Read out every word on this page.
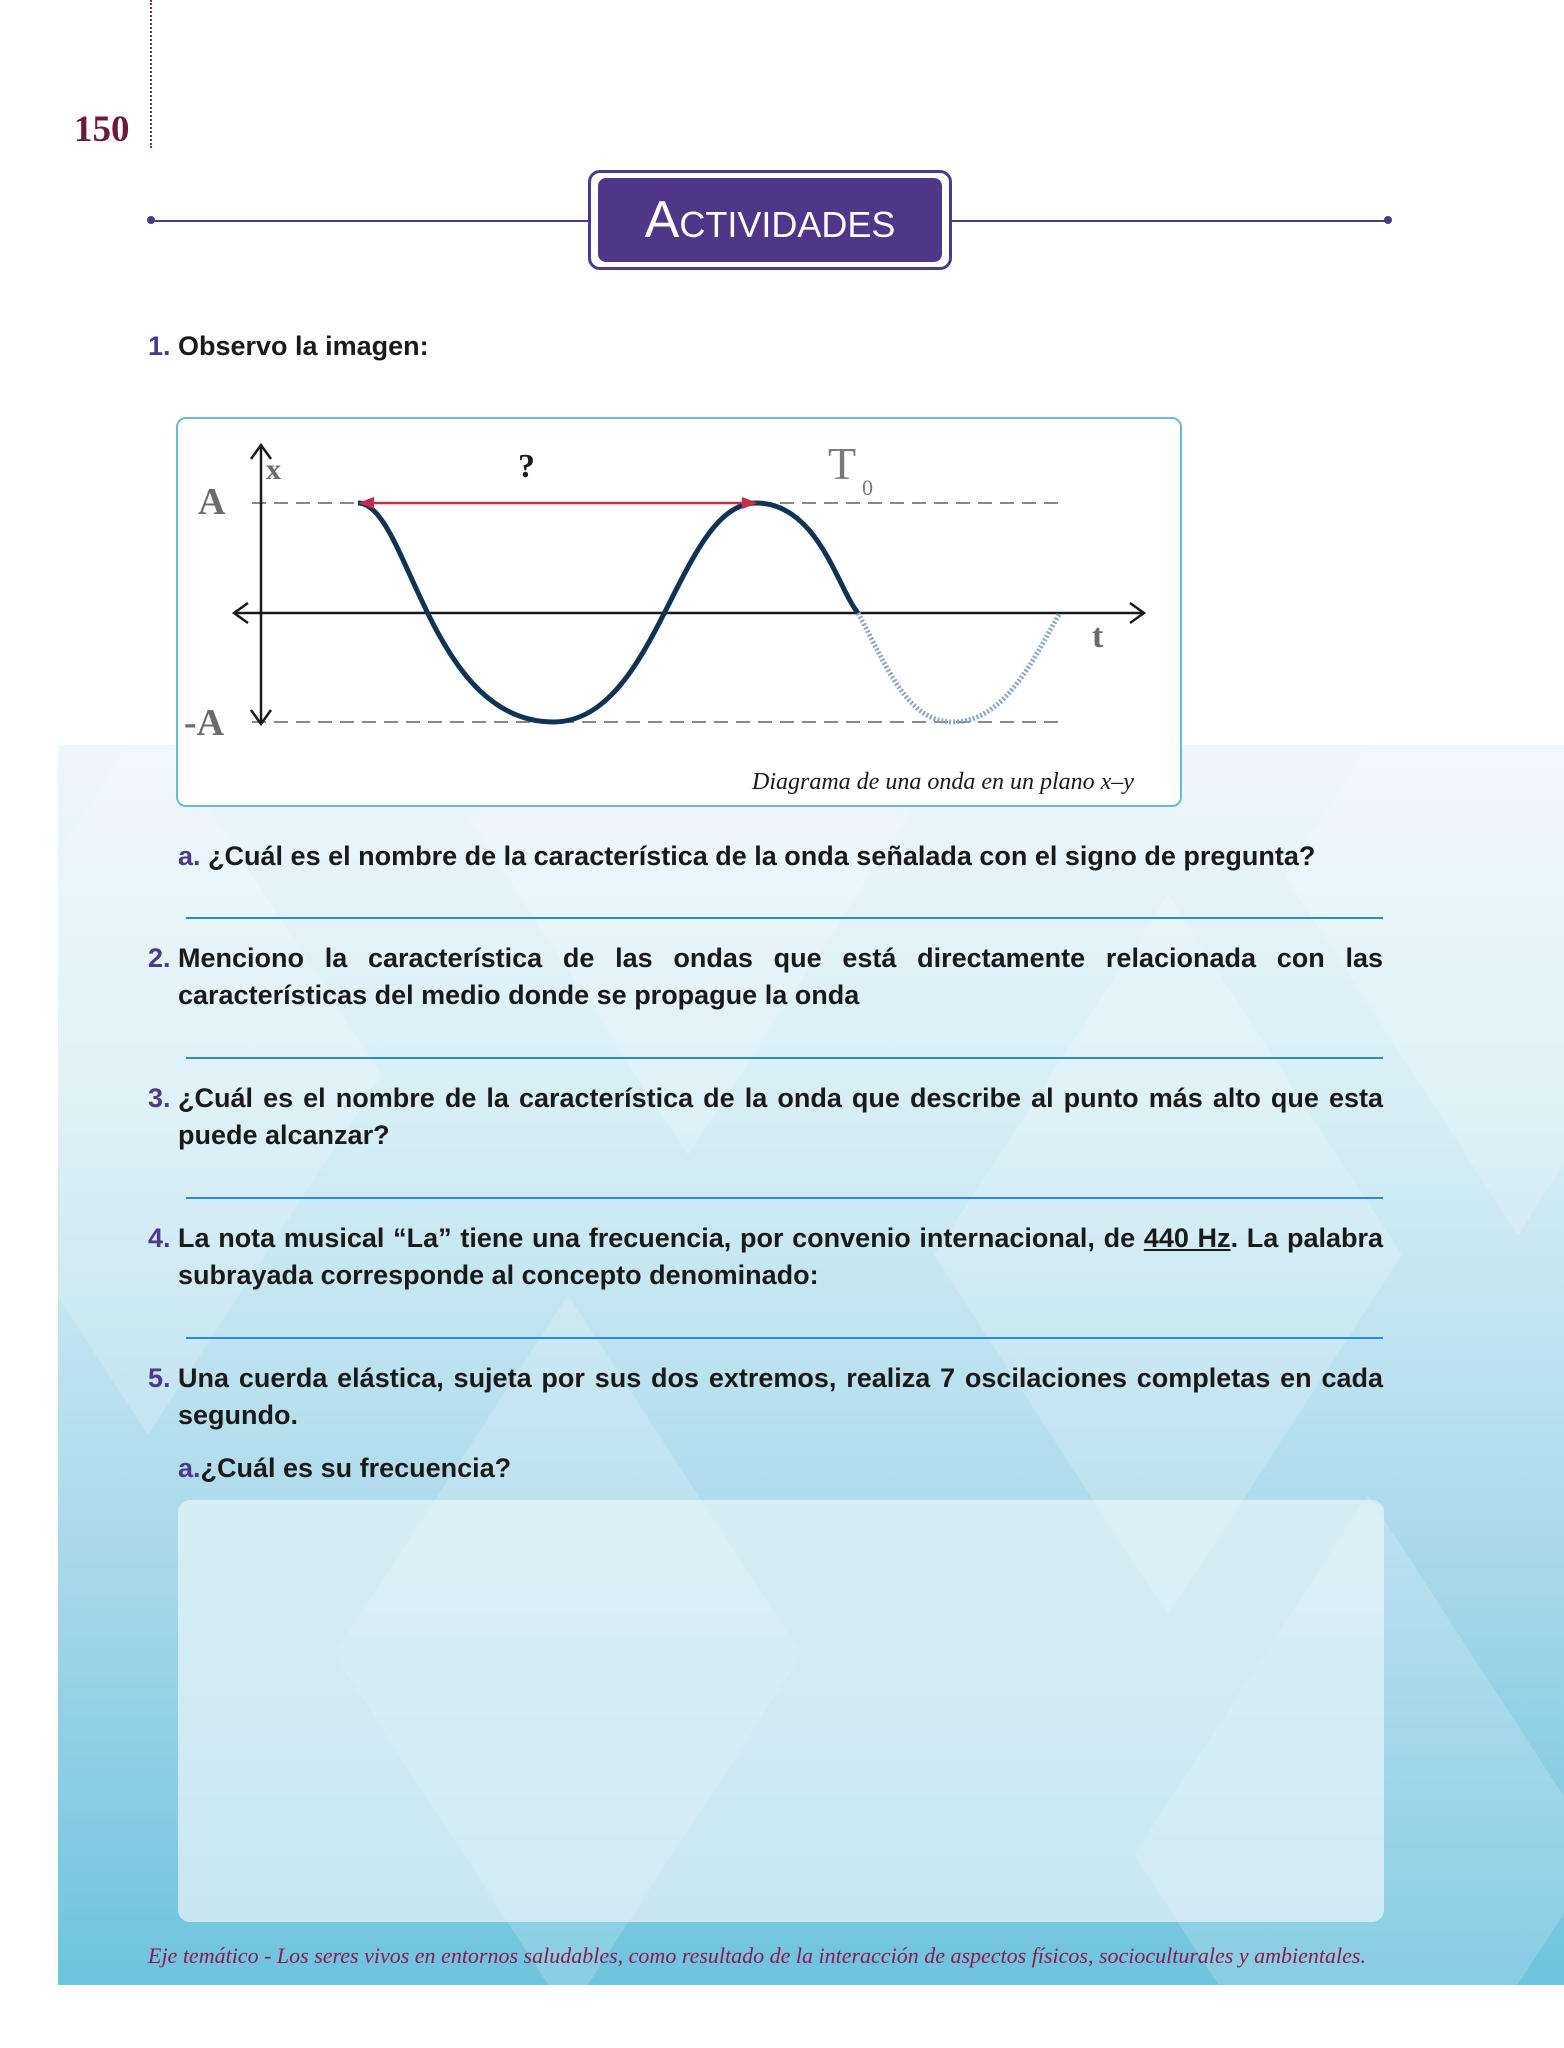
150
Actividades
1. Observo la imagen:
A
-A
x
t
?	T 0
Diagrama de una onda en un plano x–y
a. ¿Cuál es el nombre de la característica de la onda señalada con el signo de pregunta?
2. Menciono la característica de las ondas que está directamente relacionada con las características del medio donde se propague la onda
3. ¿Cuál es el nombre de la característica de la onda que describe al punto más alto que esta puede alcanzar?
4. La nota musical “La” tiene una frecuencia, por convenio internacional, de 440 Hz. La palabra subrayada corresponde al concepto denominado:
5. Una cuerda elástica, sujeta por sus dos extremos, realiza 7 oscilaciones completas en cada segundo.
a.¿Cuál es su frecuencia?
Eje temático - Los seres vivos en entornos saludables, como resultado de la interacción de aspectos físicos, socioculturales y ambientales.
